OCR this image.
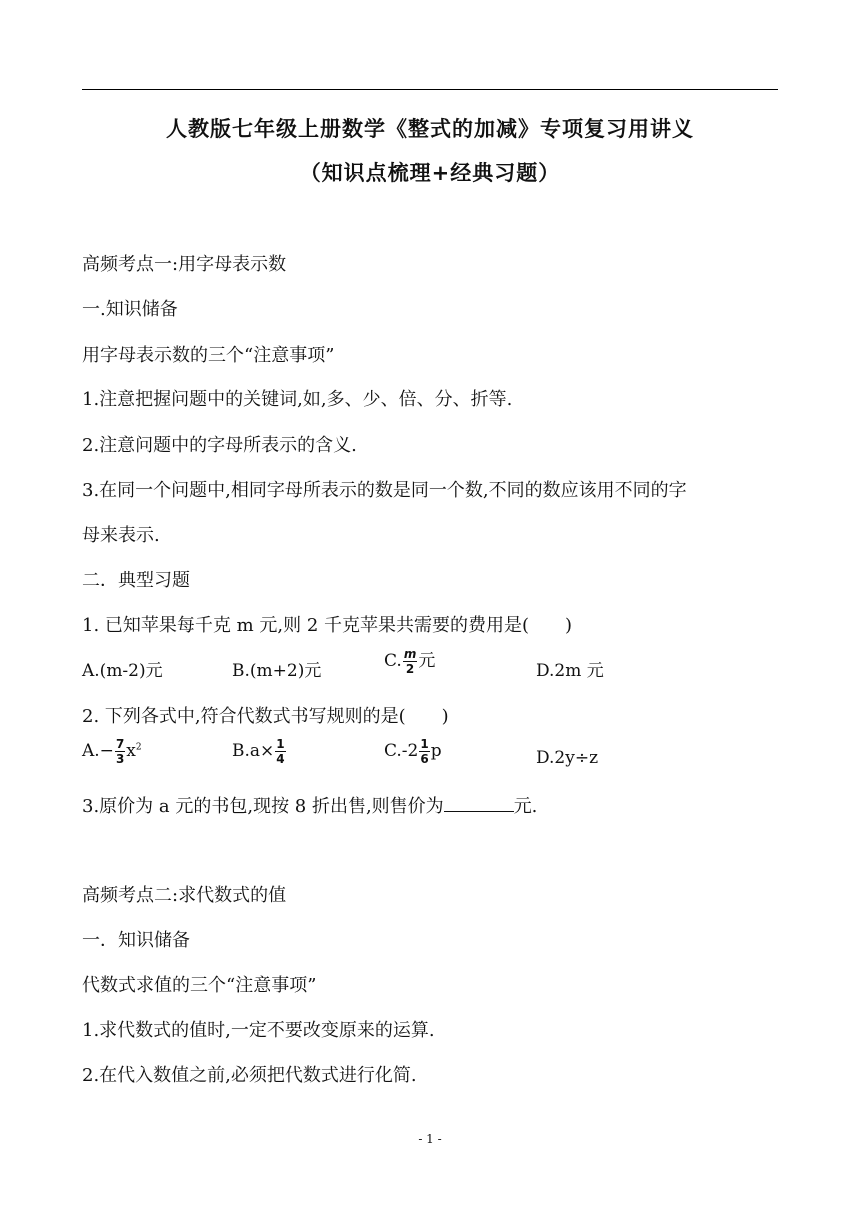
人教版七年级上册数学《整式的加减》专项复习用讲义
（知识点梳理+经典习题）
高频考点一:用字母表示数
一.知识储备
用字母表示数的三个“注意事项”
1.注意把握问题中的关键词,如,多、少、倍、分、折等.
2.注意问题中的字母所表示的含义.
3.在同一个问题中,相同字母所表示的数是同一个数,不同的数应该用不同的字
母来表示.
二．典型习题
1. 已知苹果每千克 m 元,则 2 千克苹果共需要的费用是(　　)
A.(m-2)元	B.(m+2)元	C. $\frac{m}{2}$ 元	D.2m 元
2. 下列各式中,符合代数式书写规则的是(　　)
$A.- \frac{7}{3} x^2$	$B.a\times \frac{1}{4}$	$C.-2 \frac{1}{6}$ p	D.2y÷z
3.原价为 a 元的书包,现按 8 折出售,则售价为	元.
高频考点二:求代数式的值
一．知识储备
代数式求值的三个“注意事项”
1.求代数式的值时,一定不要改变原来的运算.
2.在代入数值之前,必须把代数式进行化简.
- 1 -
